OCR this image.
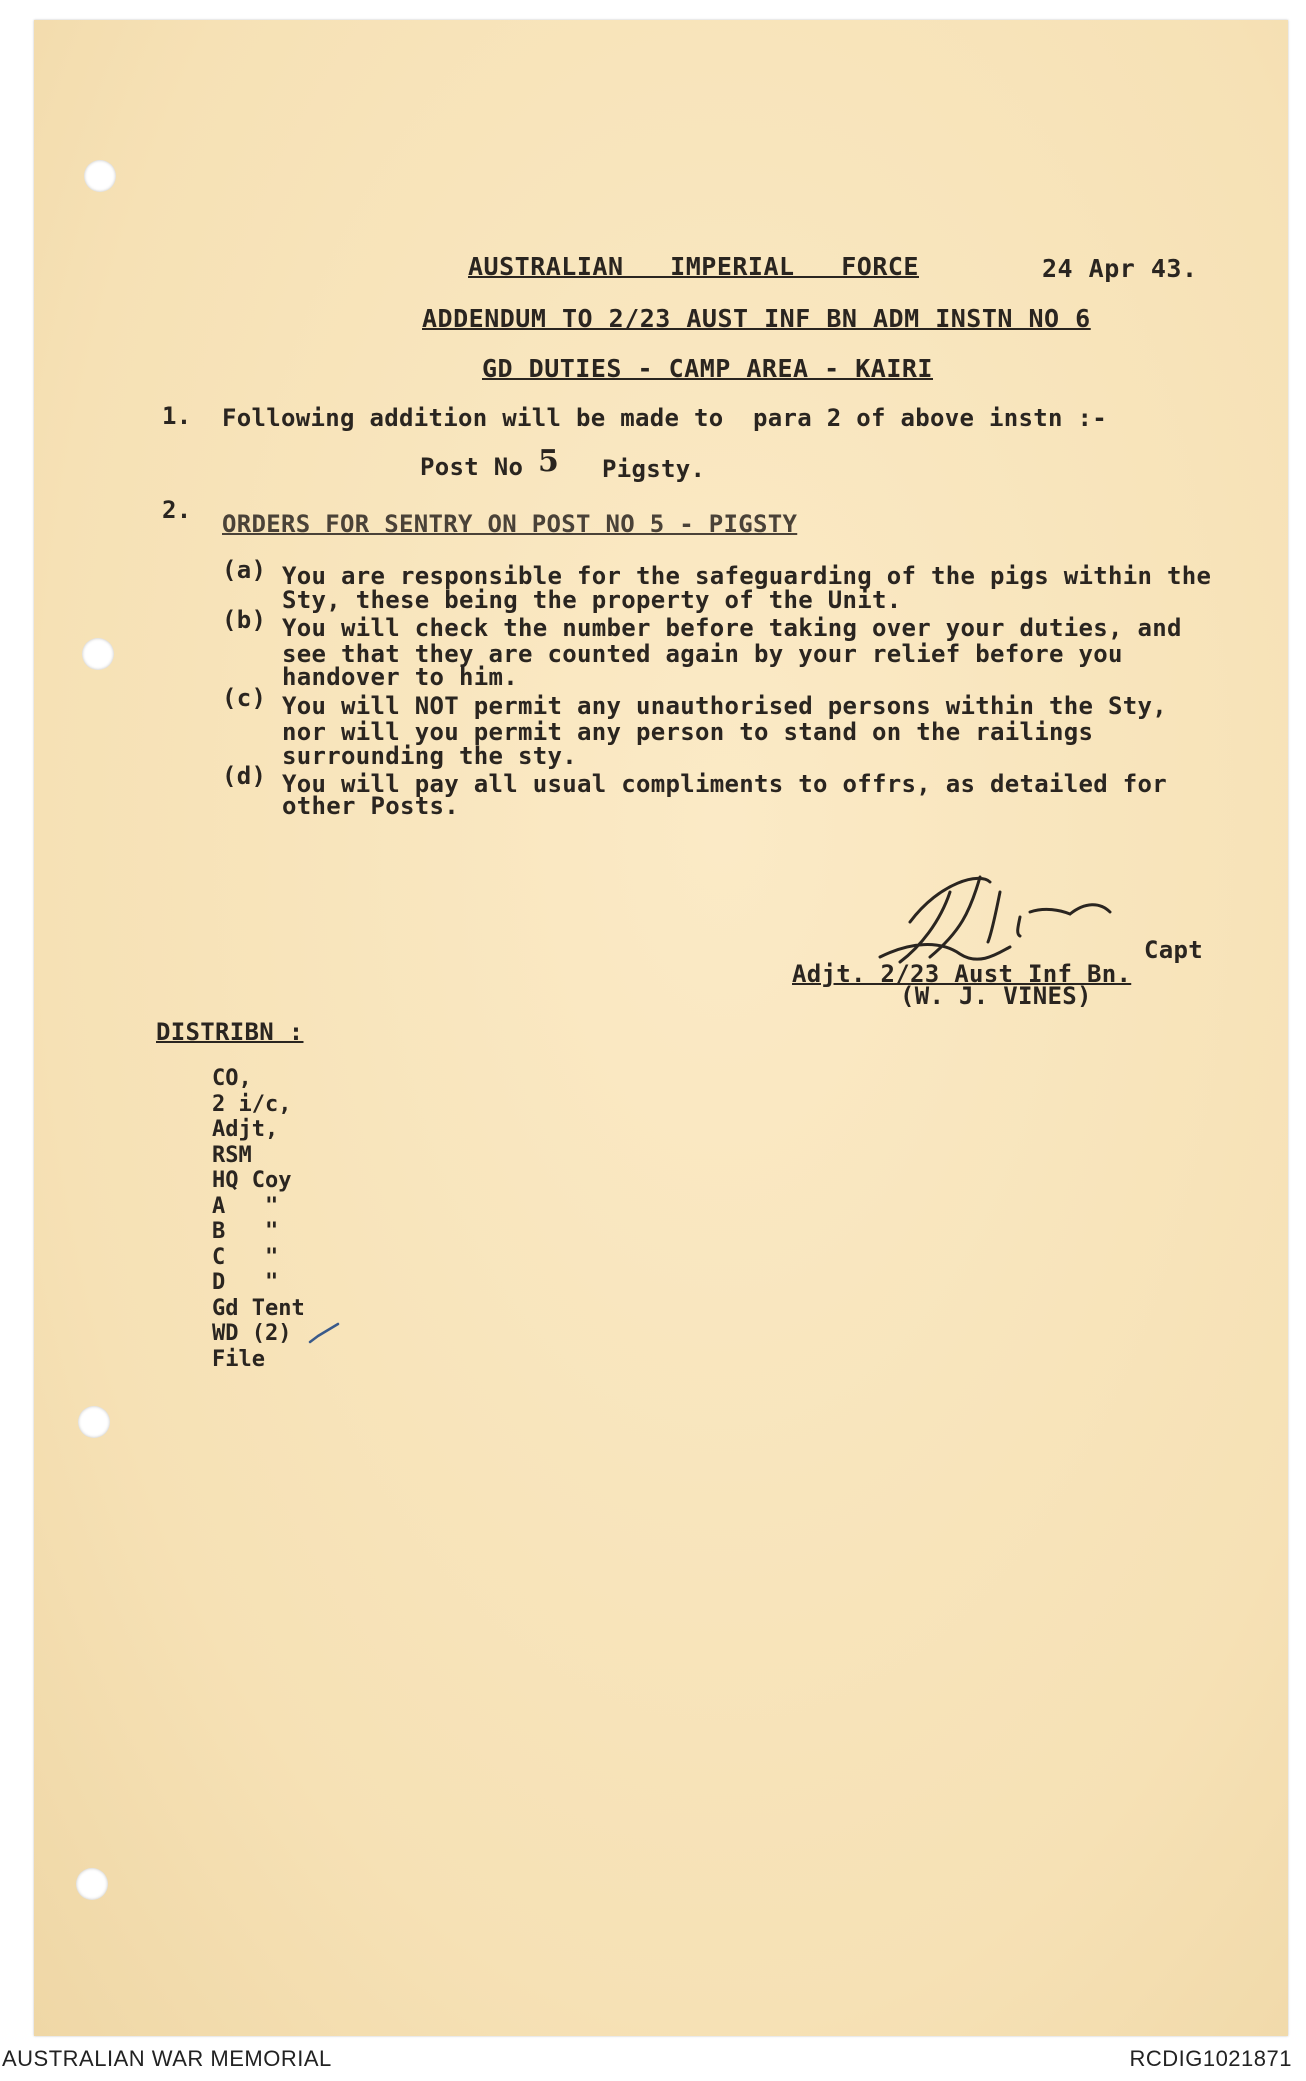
AUSTRALIAN   IMPERIAL   FORCE	24 Apr 43.
ADDENDUM TO 2/23 AUST INF BN ADM INSTN NO 6
GD DUTIES - CAMP AREA - KAIRI
1. Following addition will be made to  para 2 of above instn :-
Post No 5 Pigsty.
2. ORDERS FOR SENTRY ON POST NO 5 - PIGSTY
(a) You are responsible for the safeguarding of the pigs within the
Sty, these being the property of the Unit.
(b) You will check the number before taking over your duties, and
see that they are counted again by your relief before you
handover to him.
(c) You will NOT permit any unauthorised persons within the Sty,
nor will you permit any person to stand on the railings
surrounding the sty.
(d) You will pay all usual compliments to offrs, as detailed for
other Posts.
Capt
Adjt. 2/23 Aust Inf Bn.
(W. J. VINES)
DISTRIBN :
CO,
2 i/c,
Adjt,
RSM
HQ Coy
A   "
B   "
C   "
D   "
Gd Tent
WD (2)
File
AUSTRALIAN WAR MEMORIAL	RCDIG1021871
